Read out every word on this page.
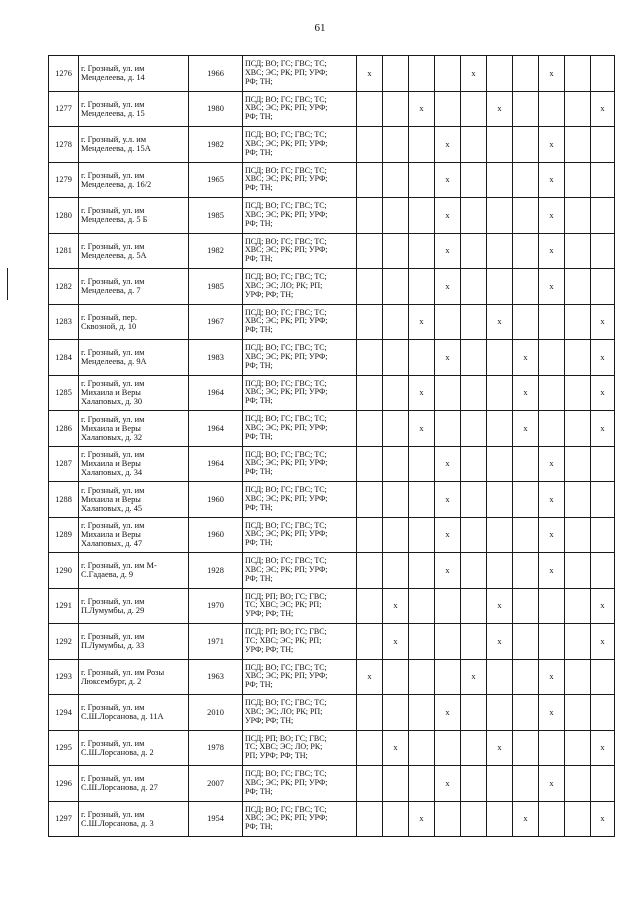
61
1276	г. Грозный, ул. им
Менделеева, д. 14	1966	ПСД; ВО; ГС; ГВС; ТС;
ХВС; ЭС; РК; РП; УРФ;
РФ; ТН;	x				x			x		
1277	г. Грозный, ул. им
Менделеева, д. 15	1980	ПСД; ВО; ГС; ГВС; ТС;
ХВС; ЭС; РК; РП; УРФ;
РФ; ТН;			x			x				x
1278	г. Грозный, у.л. им
Менделеева, д. 15А	1982	ПСД; ВО; ГС; ГВС; ТС;
ХВС; ЭС; РК; РП; УРФ;
РФ; ТН;				x				x		
1279	г. Грозный, ул. им
Менделеева, д. 16/2	1965	ПСД; ВО; ГС; ГВС; ТС;
ХВС; ЭС; РК; РП; УРФ;
РФ; ТН;				x				x		
1280	г. Грозный, ул. им
Менделеева, д. 5 Б	1985	ПСД; ВО; ГС; ГВС; ТС;
ХВС; ЭС; РК; РП; УРФ;
РФ; ТН;				x				x		
1281	г. Грозный, ул. им
Менделеева, д. 5А	1982	ПСД; ВО; ГС; ГВС; ТС;
ХВС; ЭС; РК; РП; УРФ;
РФ; ТН;				x				x		
1282	г. Грозный, ул. им
Менделеева, д. 7	1985	ПСД; ВО; ГС; ГВС; ТС;
ХВС; ЭС; ЛО; РК; РП;
УРФ; РФ; ТН;				x				x		
1283	г. Грозный, пер.
Сквозной, д. 10	1967	ПСД; ВО; ГС; ГВС; ТС;
ХВС; ЭС; РК; РП; УРФ;
РФ; ТН;			x			x				x
1284	г. Грозный, ул. им
Менделеева, д. 9А	1983	ПСД; ВО; ГС; ГВС; ТС;
ХВС; ЭС; РК; РП; УРФ;
РФ; ТН;				x			x			x
1285	г. Грозный, ул. им
Михаила и Веры
Халаповых, д. 30	1964	ПСД; ВО; ГС; ГВС; ТС;
ХВС; ЭС; РК; РП; УРФ;
РФ; ТН;			x				x			x
1286	г. Грозный, ул. им
Михаила и Веры
Халаповых, д. 32	1964	ПСД; ВО; ГС; ГВС; ТС;
ХВС; ЭС; РК; РП; УРФ;
РФ; ТН;			x				x			x
1287	г. Грозный, ул. им
Михаила и Веры
Халаповых, д. 34	1964	ПСД; ВО; ГС; ГВС; ТС;
ХВС; ЭС; РК; РП; УРФ;
РФ; ТН;				x				x		
1288	г. Грозный, ул. им
Михаила и Веры
Халаповых, д. 45	1960	ПСД; ВО; ГС; ГВС; ТС;
ХВС; ЭС; РК; РП; УРФ;
РФ; ТН;				x				x		
1289	г. Грозный, ул. им
Михаила и Веры
Халаповых, д. 47	1960	ПСД; ВО; ГС; ГВС; ТС;
ХВС; ЭС; РК; РП; УРФ;
РФ; ТН;				x				x		
1290	г. Грозный, ул. им М-
С.Гадаева, д. 9	1928	ПСД; ВО; ГС; ГВС; ТС;
ХВС; ЭС; РК; РП; УРФ;
РФ; ТН;				x				x		
1291	г. Грозный, ул. им
П.Лумумбы, д. 29	1970	ПСД; РП; ВО; ГС; ГВС;
ТС; ХВС; ЭС; РК; РП;
УРФ; РФ; ТН;		x				x				x
1292	г. Грозный, ул. им
П.Лумумбы, д. 33	1971	ПСД; РП; ВО; ГС; ГВС;
ТС; ХВС; ЭС; РК; РП;
УРФ; РФ; ТН;		x				x				x
1293	г. Грозный, ул. им Розы
Люксембург, д. 2	1963	ПСД; ВО; ГС; ГВС; ТС;
ХВС; ЭС; РК; РП; УРФ;
РФ; ТН;	x				x			x		
1294	г. Грозный, ул. им
С.Ш.Лорсанова, д. 11А	2010	ПСД; ВО; ГС; ГВС; ТС;
ХВС; ЭС; ЛО; РК; РП;
УРФ; РФ; ТН;				x				x		
1295	г. Грозный, ул. им
С.Ш.Лорсанова, д. 2	1978	ПСД; РП; ВО; ГС; ГВС;
ТС; ХВС; ЭС; ЛО; РК;
РП; УРФ; РФ; ТН;		x				x				x
1296	г. Грозный, ул. им
С.Ш.Лорсанова, д. 27	2007	ПСД; ВО; ГС; ГВС; ТС;
ХВС; ЭС; РК; РП; УРФ;
РФ; ТН;				x				x		
1297	г. Грозный, ул. им
С.Ш.Лорсанова, д. 3	1954	ПСД; ВО; ГС; ГВС; ТС;
ХВС; ЭС; РК; РП; УРФ;
РФ; ТН;			x				x			x
